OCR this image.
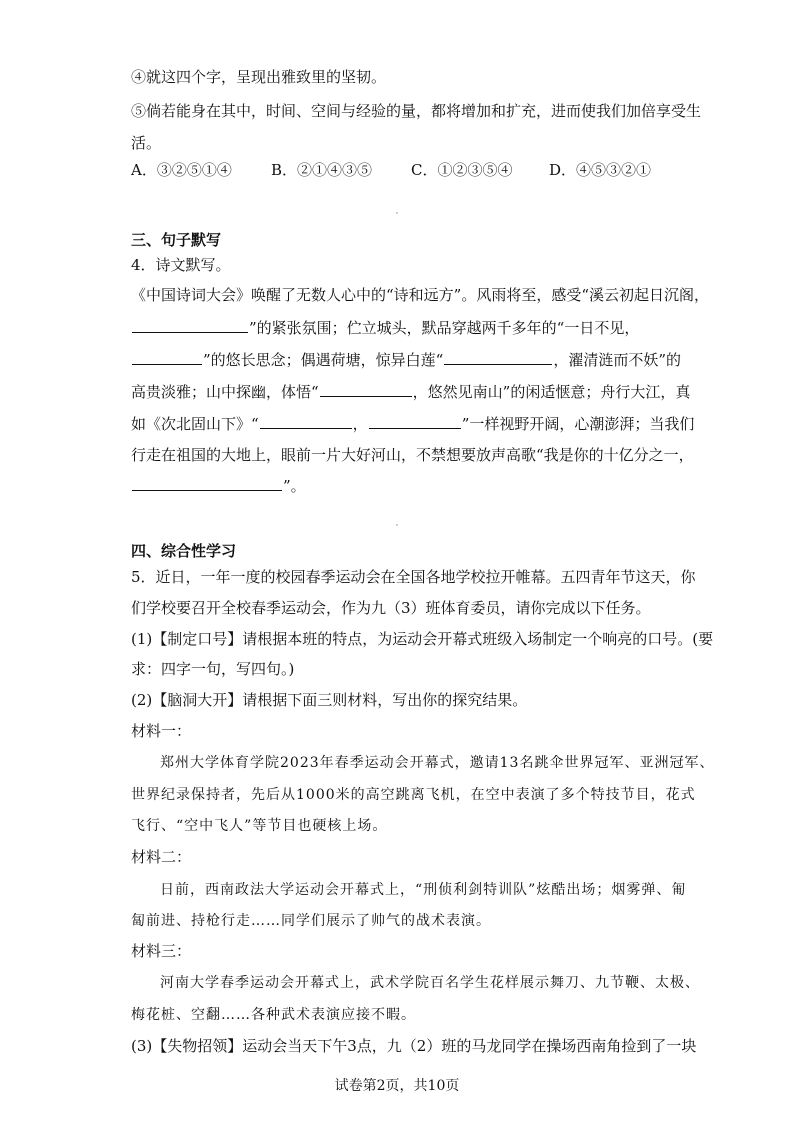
④就这四个字，呈现出雅致里的坚韧。
⑤倘若能身在其中，时间、空间与经验的量，都将增加和扩充，进而使我们加倍享受生
活。
A．③②⑤①④	B．②①④③⑤	C．①②③⑤④ D．④⑤③②①
三、句子默写
4．诗文默写。
《中国诗词大会》唤醒了无数人心中的“诗和远方”。风雨将至，感受“溪云初起日沉阁，
”的紧张氛围；伫立城头，默品穿越两千多年的“一日不见，
”的悠长思念；偶遇荷塘，惊异白莲“	，濯清涟而不妖”的
高贵淡雅；山中探幽，体悟“	，悠然见南山”的闲适惬意；舟行大江，真
如《次北固山下》“	，	”一样视野开阔，心潮澎湃；当我们
行走在祖国的大地上，眼前一片大好河山，不禁想要放声高歌“我是你的十亿分之一，
”。
四、综合性学习
5．近日，一年一度的校园春季运动会在全国各地学校拉开帷幕。五四青年节这天，你
们学校要召开全校春季运动会，作为九（3）班体育委员，请你完成以下任务。
(1)【制定口号】请根据本班的特点，为运动会开幕式班级入场制定一个响亮的口号。(要
求：四字一句，写四句。)
(2)【脑洞大开】请根据下面三则材料，写出你的探究结果。
材料一：
郑州大学体育学院2023年春季运动会开幕式，邀请13名跳伞世界冠军、亚洲冠军、
世界纪录保持者，先后从1000米的高空跳离飞机，在空中表演了多个特技节目，花式
飞行、“空中飞人”等节目也硬核上场。
材料二：
日前，西南政法大学运动会开幕式上，“刑侦利剑特训队”炫酷出场；烟雾弹、匍
匐前进、持枪行走……同学们展示了帅气的战术表演。
材料三：
河南大学春季运动会开幕式上，武术学院百名学生花样展示舞刀、九节鞭、太极、
梅花桩、空翻……各种武术表演应接不暇。
(3)【失物招领】运动会当天下午3点，九（2）班的马龙同学在操场西南角捡到了一块
试卷第2页，共10页
